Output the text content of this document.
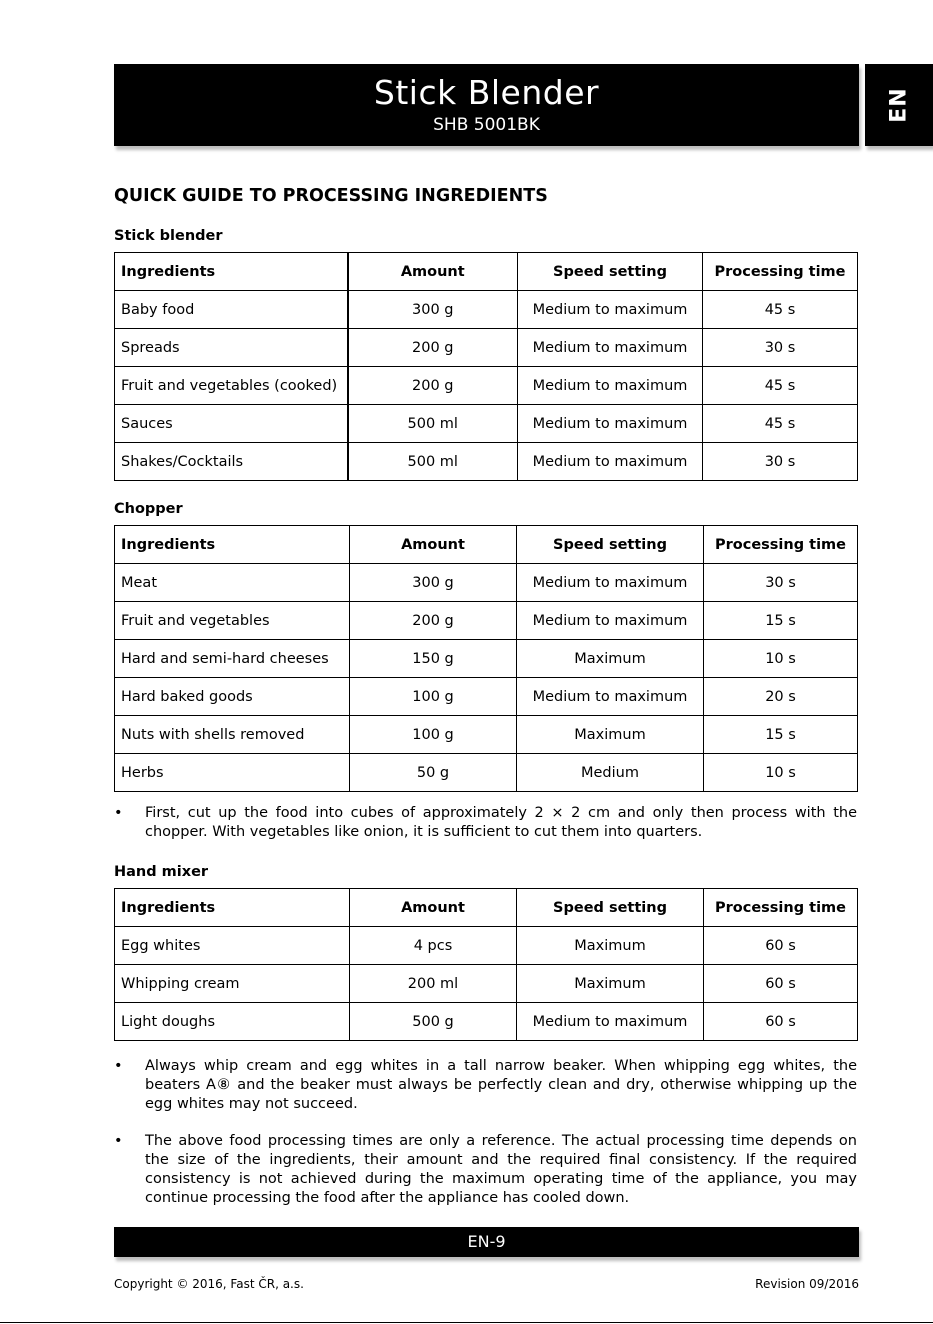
Stick Blender
SHB 5001BK
EN
QUICK GUIDE TO PROCESSING INGREDIENTS
Stick blender
Ingredients	Amount	Speed setting	Processing time
Baby food	300 g	Medium to maximum	45 s
Spreads	200 g	Medium to maximum	30 s
Fruit and vegetables (cooked)	200 g	Medium to maximum	45 s
Sauces	500 ml	Medium to maximum	45 s
Shakes/Cocktails	500 ml	Medium to maximum	30 s
Chopper
Ingredients	Amount	Speed setting	Processing time
Meat	300 g	Medium to maximum	30 s
Fruit and vegetables	200 g	Medium to maximum	15 s
Hard and semi-hard cheeses	150 g	Maximum	10 s
Hard baked goods	100 g	Medium to maximum	20 s
Nuts with shells removed	100 g	Maximum	15 s
Herbs	50 g	Medium	10 s
• First, cut up the food into cubes of approximately 2 × 2 cm and only then process with the chopper. With vegetables like onion, it is sufficient to cut them into quarters.
Hand mixer
Ingredients	Amount	Speed setting	Processing time
Egg whites	4 pcs	Maximum	60 s
Whipping cream	200 ml	Maximum	60 s
Light doughs	500 g	Medium to maximum	60 s
• Always whip cream and egg whites in a tall narrow beaker. When whipping egg whites, the beaters A⑧ and the beaker must always be perfectly clean and dry, otherwise whipping up the egg whites may not succeed.
• The above food processing times are only a reference. The actual processing time depends on the size of the ingredients, their amount and the required final consistency. If the required consistency is not achieved during the maximum operating time of the appliance, you may continue processing the food after the appliance has cooled down.
EN-9
Copyright © 2016, Fast ČR, a.s.	Revision 09/2016
